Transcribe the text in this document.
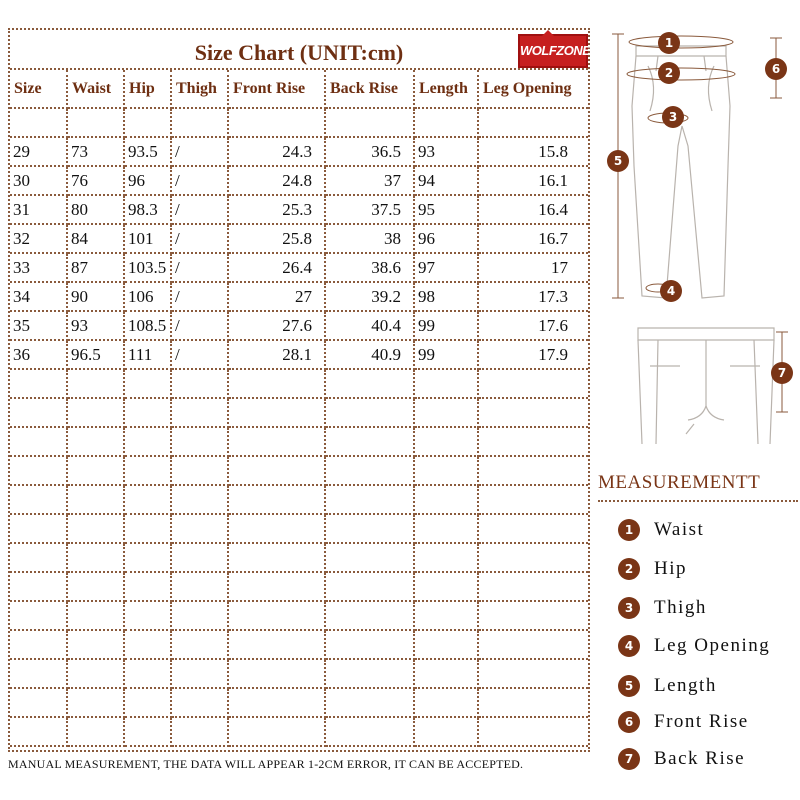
Size Chart (UNIT:cm)	WOLFZONE
Size	Waist	Hip	Thigh	Front Rise	Back Rise	Length	Leg Opening

29	73	93.5	/	24.3	36.5	93	15.8
30	76	96	/	24.8	37	94	16.1
31	80	98.3	/	25.3	37.5	95	16.4
32	84	101	/	25.8	38	96	16.7
33	87	103.5	/	26.4	38.6	97	17
34	90	106	/	27	39.2	98	17.3
35	93	108.5	/	27.6	40.4	99	17.6
36	96.5	111	/	28.1	40.9	99	17.9

MANUAL MEASUREMENT, THE DATA WILL APPEAR 1-2CM ERROR, IT CAN BE ACCEPTED.
1
2
3
4
5
6
7
MEASUREMENTT
1	Waist
2	Hip
3	Thigh
4	Leg Opening
5	Length
6	Front Rise
7	Back Rise
